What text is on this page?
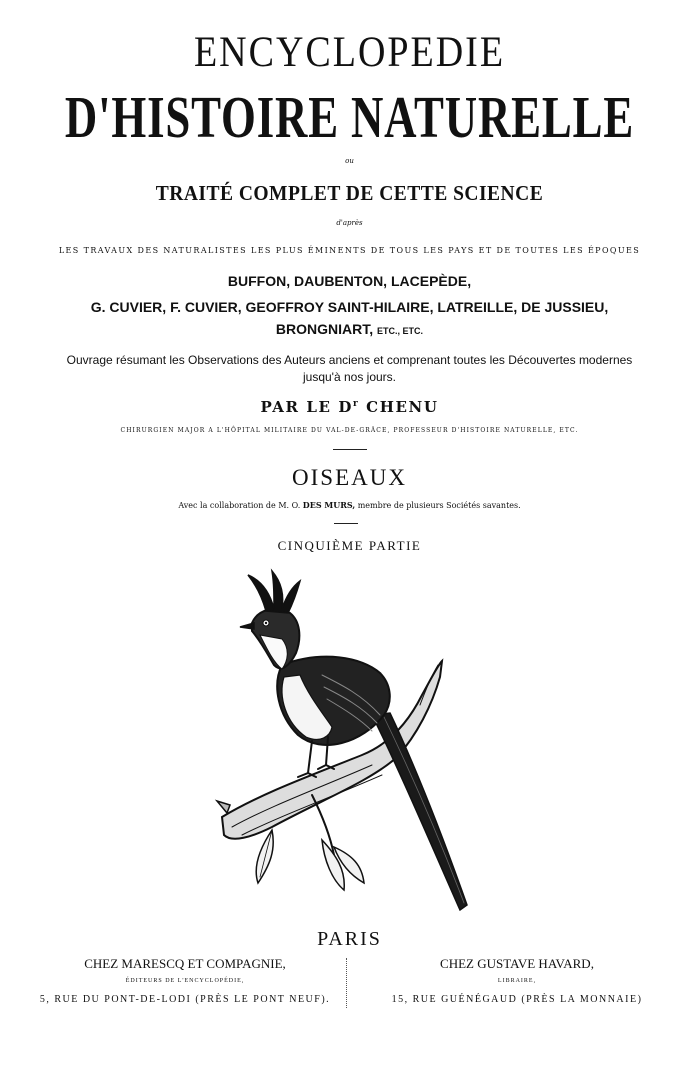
ENCYCLOPEDIE
D'HISTOIRE NATURELLE
ou
TRAITÉ COMPLET DE CETTE SCIENCE
d'après
LES TRAVAUX DES NATURALISTES LES PLUS ÉMINENTS DE TOUS LES PAYS ET DE TOUTES LES ÉPOQUES
BUFFON, DAUBENTON, LACEPÈDE,
G. CUVIER, F. CUVIER, GEOFFROY SAINT-HILAIRE, LATREILLE, DE JUSSIEU,
BRONGNIART, ETC., ETC.
Ouvrage résumant les Observations des Auteurs anciens et comprenant toutes les Découvertes modernes
jusqu'à nos jours.
PAR LE $D^r$ CHENU
CHIRURGIEN MAJOR A L'HÔPITAL MILITAIRE DU VAL-DE-GRÂCE, PROFESSEUR D'HISTOIRE NATURELLE, ETC.
OISEAUX
Avec la collaboration de M. O. DES MURS, membre de plusieurs Sociétés savantes.
CINQUIÈME PARTIE
PARIS
CHEZ MARESCQ ET COMPAGNIE,
ÉDITEURS DE L'ENCYCLOPÉDIE,
5, RUE DU PONT-DE-LODI (PRÈS LE PONT NEUF).
CHEZ GUSTAVE HAVARD,
LIBRAIRE,
15, RUE GUÉNÉGAUD (PRÈS LA MONNAIE)
